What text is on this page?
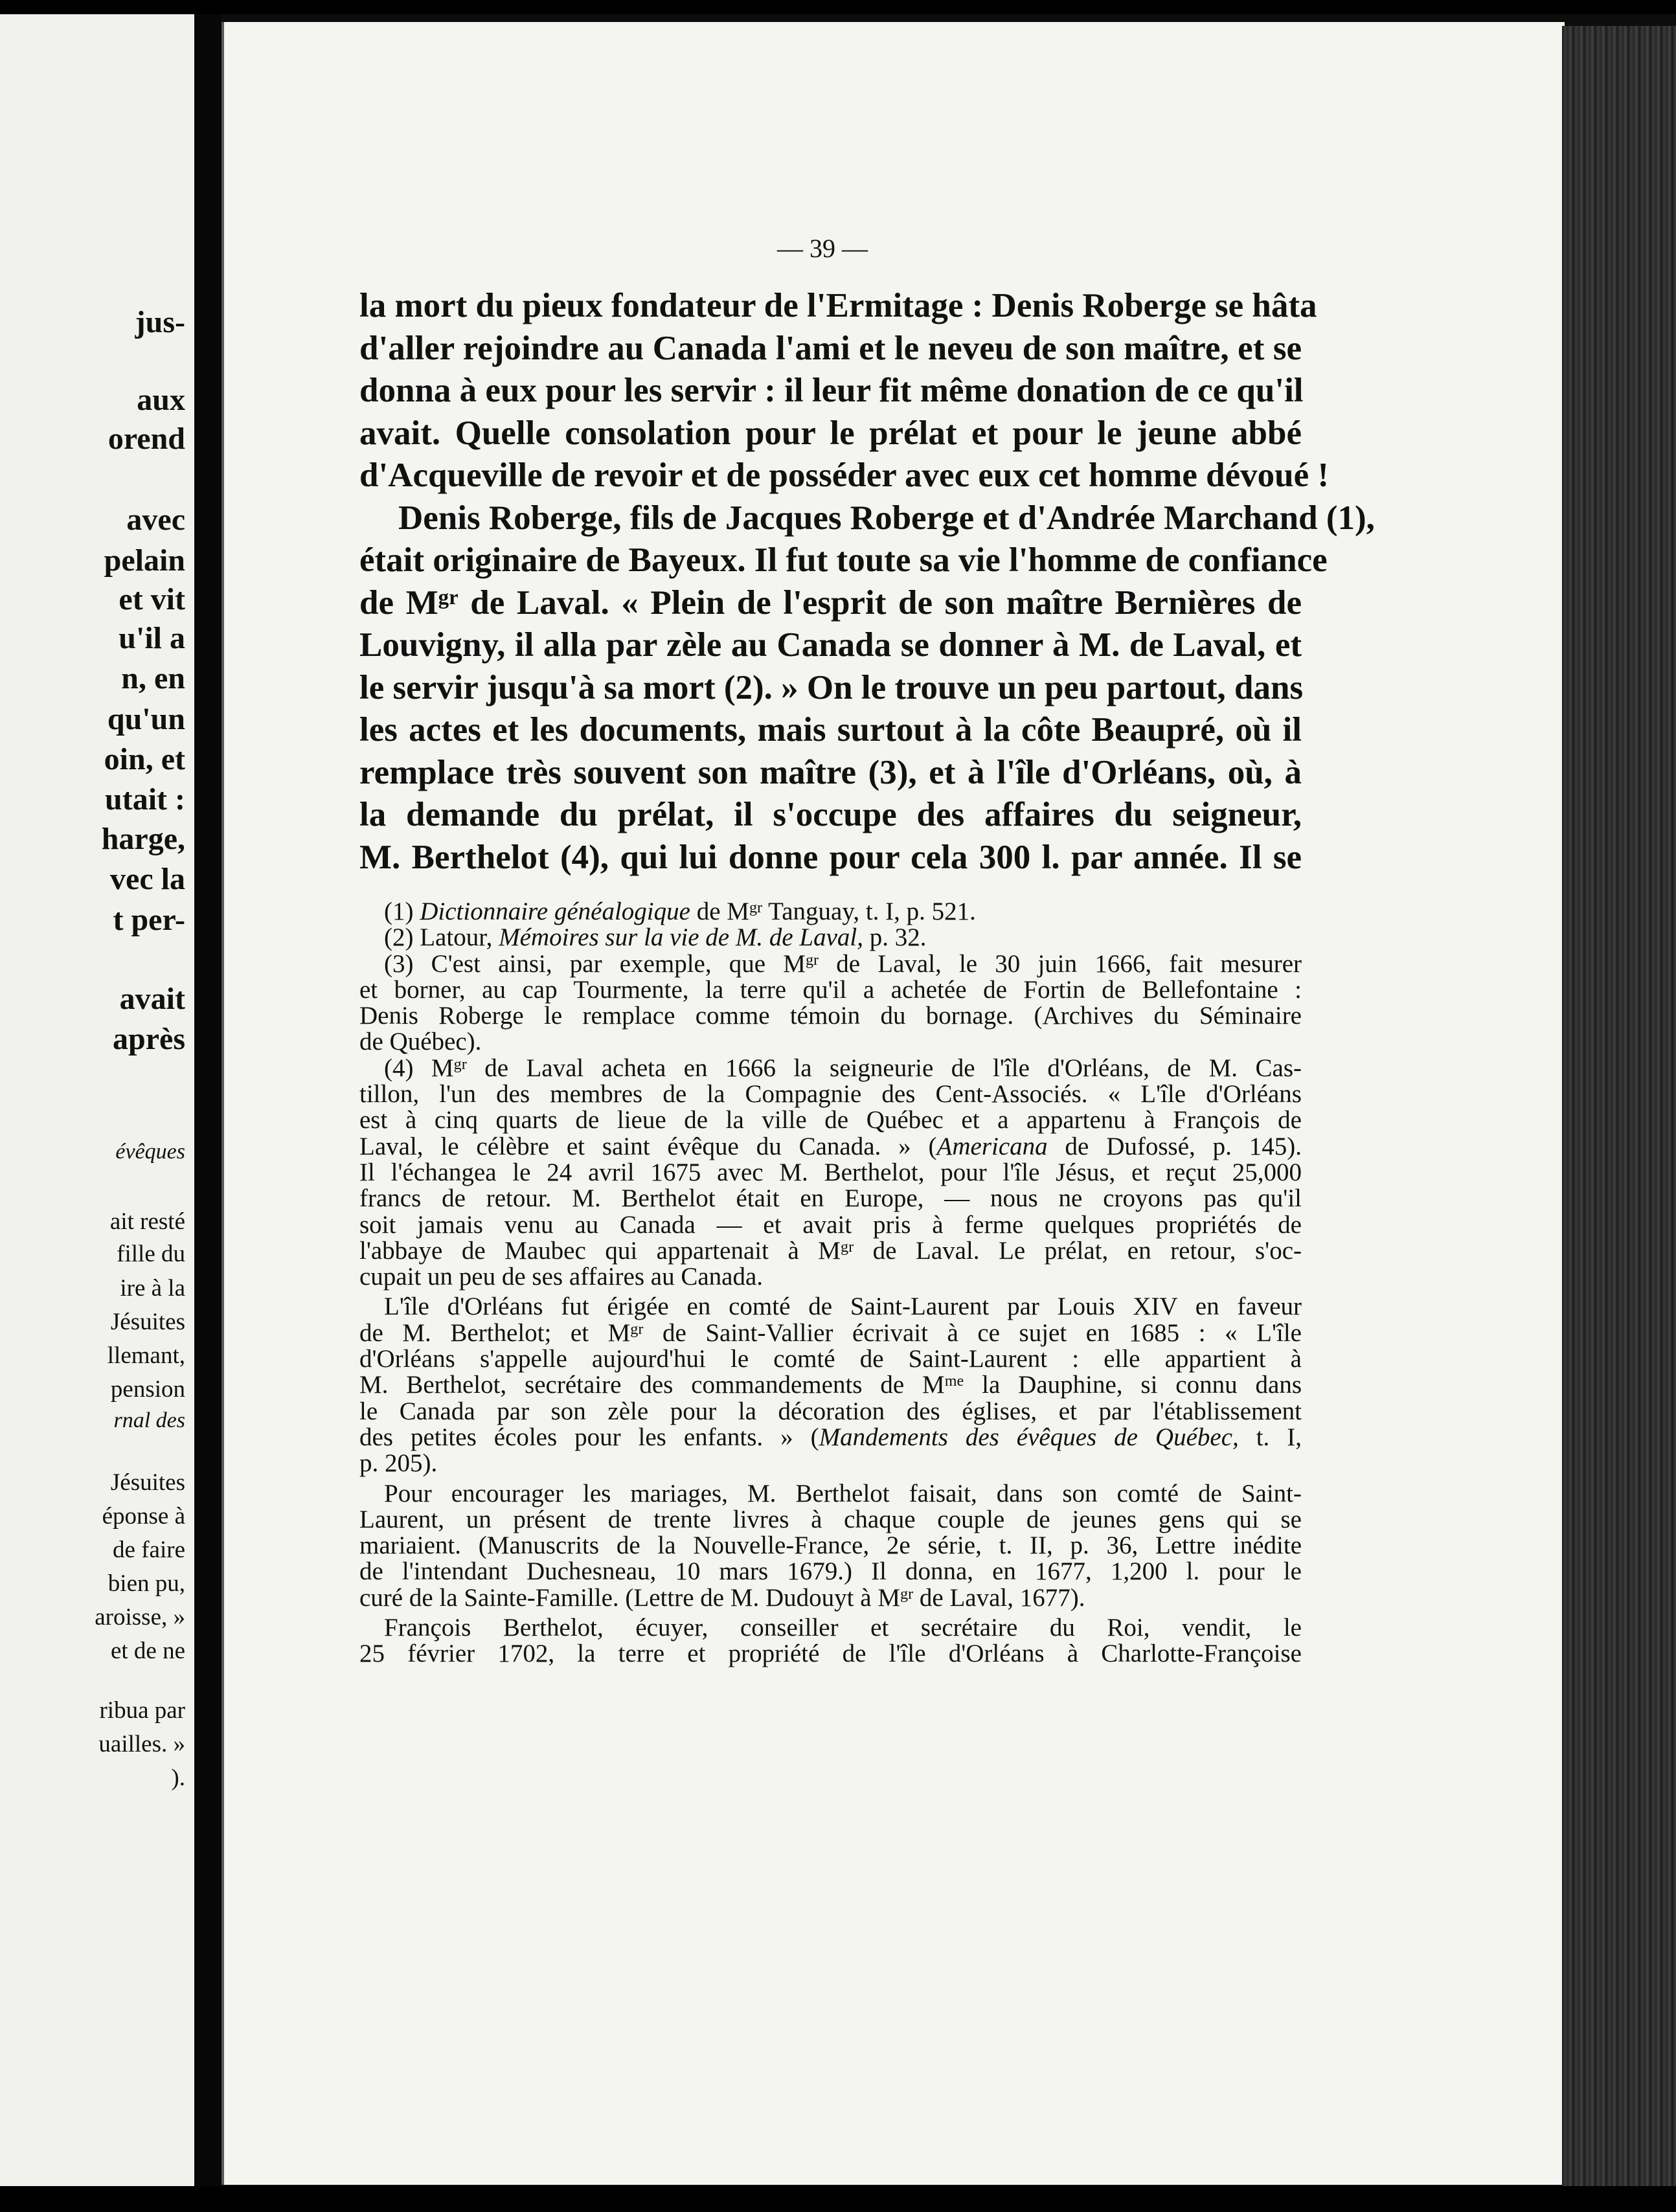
jus-
aux
orend
avec
pelain
et vit
u'il a
n, en
qu'un
oin, et
utait :
harge,
vec la
t per-
avait
après
évêques
ait resté
fille du
ire à la
Jésuites
llemant,
pension
rnal des
Jésuites
éponse à
de faire
bien pu,
aroisse, »
et de ne
ribua par
uailles. »
).
— 39 —
la mort du pieux fondateur de l'Ermitage : Denis Roberge se hâta
d'aller rejoindre au Canada l'ami et le neveu de son maître, et se
donna à eux pour les servir : il leur fit même donation de ce qu'il
avait. Quelle consolation pour le prélat et pour le jeune abbé
d'Acqueville de revoir et de posséder avec eux cet homme dévoué !
Denis Roberge, fils de Jacques Roberge et d'Andrée Marchand (1),
était originaire de Bayeux. Il fut toute sa vie l'homme de confiance
de $M^{gr}$ de Laval. « Plein de l'esprit de son maître Bernières de
Louvigny, il alla par zèle au Canada se donner à M. de Laval, et
le servir jusqu'à sa mort (2). » On le trouve un peu partout, dans
les actes et les documents, mais surtout à la côte Beaupré, où il
remplace très souvent son maître (3), et à l'île d'Orléans, où, à
la demande du prélat, il s'occupe des affaires du seigneur,
M. Berthelot (4), qui lui donne pour cela 300 l. par année. Il se
(1) Dictionnaire généalogique de $M^{gr}$ Tanguay, t. I, p. 521.
(2) Latour, Mémoires sur la vie de M. de Laval, p. 32.
(3) C'est ainsi, par exemple, que $M^{gr}$ de Laval, le 30 juin 1666, fait mesurer
et borner, au cap Tourmente, la terre qu'il a achetée de Fortin de Bellefontaine :
Denis Roberge le remplace comme témoin du bornage. (Archives du Séminaire
de Québec).
(4) $M^{gr}$ de Laval acheta en 1666 la seigneurie de l'île d'Orléans, de M. Cas-
tillon, l'un des membres de la Compagnie des Cent-Associés. « L'île d'Orléans
est à cinq quarts de lieue de la ville de Québec et a appartenu à François de
Laval, le célèbre et saint évêque du Canada. » (Americana de Dufossé, p. 145).
Il l'échangea le 24 avril 1675 avec M. Berthelot, pour l'île Jésus, et reçut 25,000
francs de retour. M. Berthelot était en Europe, — nous ne croyons pas qu'il
soit jamais venu au Canada — et avait pris à ferme quelques propriétés de
l'abbaye de Maubec qui appartenait à $M^{gr}$ de Laval. Le prélat, en retour, s'oc-
cupait un peu de ses affaires au Canada.
L'île d'Orléans fut érigée en comté de Saint-Laurent par Louis XIV en faveur
de M. Berthelot; et $M^{gr}$ de Saint-Vallier écrivait à ce sujet en 1685 : « L'île
d'Orléans s'appelle aujourd'hui le comté de Saint-Laurent : elle appartient à
M. Berthelot, secrétaire des commandements de $M^{me}$ la Dauphine, si connu dans
le Canada par son zèle pour la décoration des églises, et par l'établissement
des petites écoles pour les enfants. » (Mandements des évêques de Québec, t. I,
p. 205).
Pour encourager les mariages, M. Berthelot faisait, dans son comté de Saint-
Laurent, un présent de trente livres à chaque couple de jeunes gens qui se
mariaient. (Manuscrits de la Nouvelle-France, 2e série, t. II, p. 36, Lettre inédite
de l'intendant Duchesneau, 10 mars 1679.) Il donna, en 1677, 1,200 l. pour le
curé de la Sainte-Famille. (Lettre de M. Dudouyt à $M^{gr}$ de Laval, 1677).
François Berthelot, écuyer, conseiller et secrétaire du Roi, vendit, le
25 février 1702, la terre et propriété de l'île d'Orléans à Charlotte-Françoise
